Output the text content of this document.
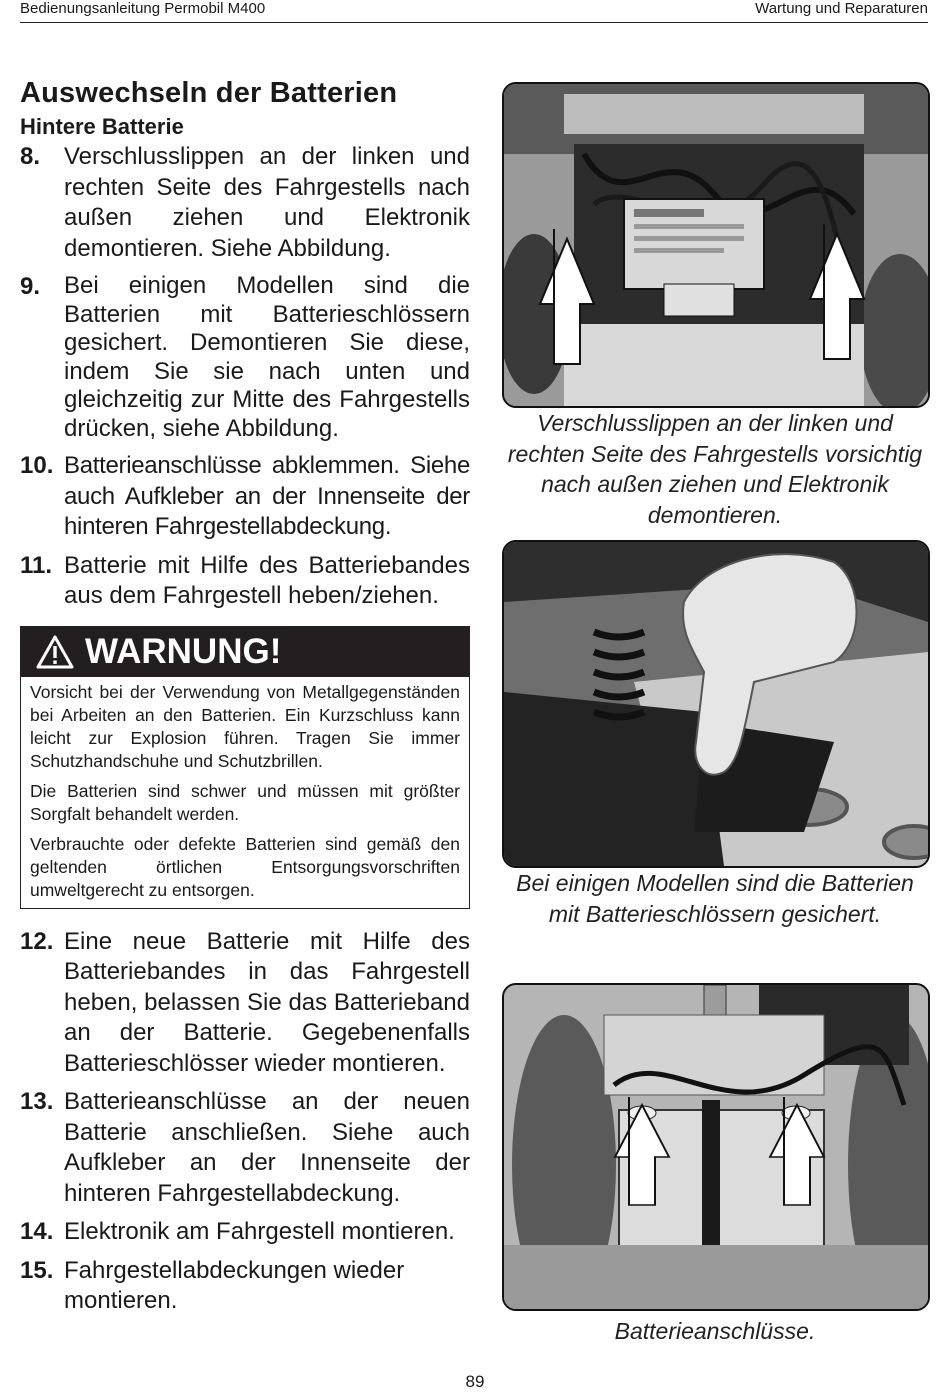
Bedienungsanleitung Permobil M400	Wartung und Reparaturen
Auswechseln der Batterien
Hintere Batterie
8. Verschlusslippen an der linken und rechten Seite des Fahrgestells nach außen ziehen und Elektronik demontieren. Siehe Abbildung.
9. Bei einigen Modellen sind die Batterien mit Batterieschlössern gesichert. Demontieren Sie diese, indem Sie sie nach unten und gleichzeitig zur Mitte des Fahrgestells drücken, siehe Abbildung.
10. Batterieanschlüsse abklemmen. Siehe auch Aufkleber an der Innenseite der hinteren Fahrgestellabdeckung.
11. Batterie mit Hilfe des Batteriebandes aus dem Fahrgestell heben/ziehen.
WARNUNG!

Vorsicht bei der Verwendung von Metallgegenständen bei Arbeiten an den Batterien. Ein Kurzschluss kann leicht zur Explosion führen. Tragen Sie immer Schutzhandschuhe und Schutzbrillen.

Die Batterien sind schwer und müssen mit größter Sorgfalt behandelt werden.

Verbrauchte oder defekte Batterien sind gemäß den geltenden örtlichen Entsorgungsvorschriften umweltgerecht zu entsorgen.

12. Eine neue Batterie mit Hilfe des Batteriebandes in das Fahrgestell heben, belassen Sie das Batterieband an der Batterie. Gegebenenfalls Batterieschlösser wieder montieren.
13. Batterieanschlüsse an der neuen Batterie anschließen. Siehe auch Aufkleber an der Innenseite der hinteren Fahrgestellabdeckung.
14. Elektronik am Fahrgestell montieren.
15. Fahrgestellabdeckungen wieder montieren.
Verschlusslippen an der linken und rechten Seite des Fahrgestells vorsichtig nach außen ziehen und Elektronik demontieren.
Bei einigen Modellen sind die Batterien mit Batterieschlössern gesichert.
Batterieanschlüsse.
89
